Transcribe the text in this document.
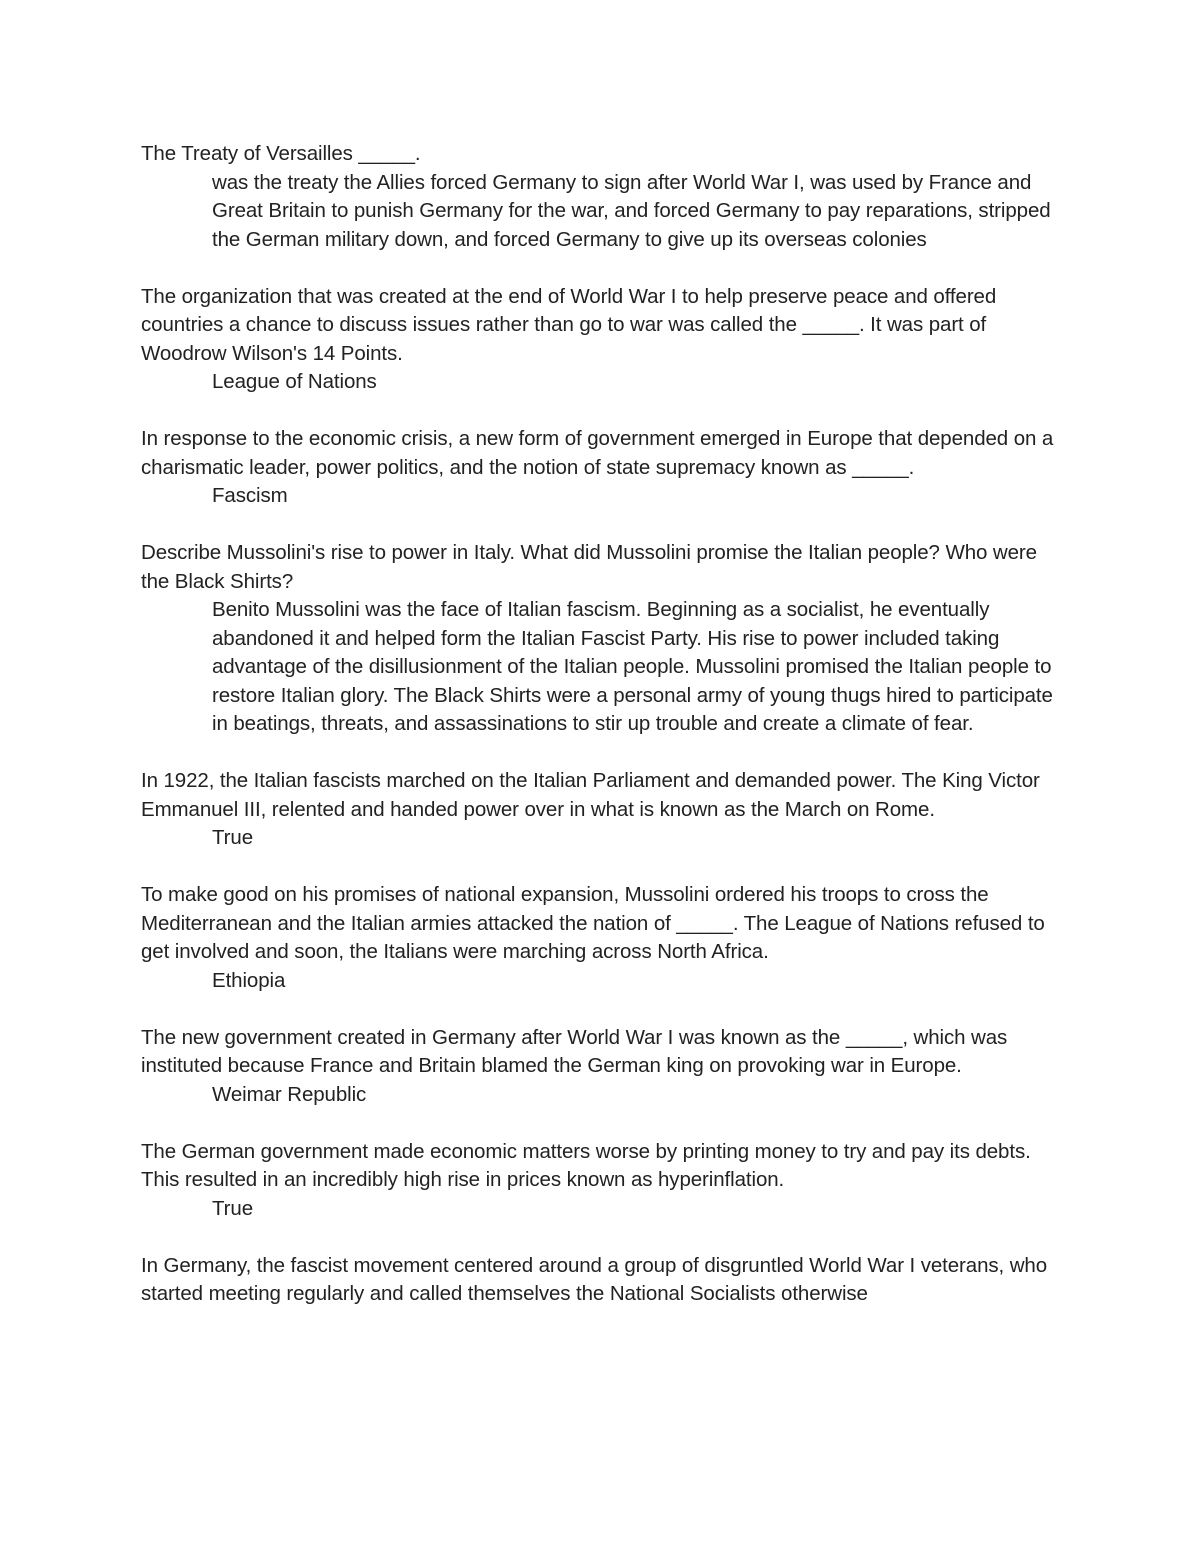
The Treaty of Versailles _____.

was the treaty the Allies forced Germany to sign after World War I, was used by France and Great Britain to punish Germany for the war, and forced Germany to pay reparations, stripped the German military down, and forced Germany to give up its overseas colonies

The organization that was created at the end of World War I to help preserve peace and offered countries a chance to discuss issues rather than go to war was called the _____. It was part of Woodrow Wilson's 14 Points.

League of Nations

In response to the economic crisis, a new form of government emerged in Europe that depended on a charismatic leader, power politics, and the notion of state supremacy known as _____.

Fascism

Describe Mussolini's rise to power in Italy. What did Mussolini promise the Italian people? Who were the Black Shirts?

Benito Mussolini was the face of Italian fascism. Beginning as a socialist, he eventually abandoned it and helped form the Italian Fascist Party. His rise to power included taking advantage of the disillusionment of the Italian people. Mussolini promised the Italian people to restore Italian glory. The Black Shirts were a personal army of young thugs hired to participate in beatings, threats, and assassinations to stir up trouble and create a climate of fear.

In 1922, the Italian fascists marched on the Italian Parliament and demanded power. The King Victor Emmanuel III, relented and handed power over in what is known as the March on Rome.

True

To make good on his promises of national expansion, Mussolini ordered his troops to cross the Mediterranean and the Italian armies attacked the nation of _____. The League of Nations refused to get involved and soon, the Italians were marching across North Africa.

Ethiopia

The new government created in Germany after World War I was known as the _____, which was instituted because France and Britain blamed the German king on provoking war in Europe.

Weimar Republic

The German government made economic matters worse by printing money to try and pay its debts. This resulted in an incredibly high rise in prices known as hyperinflation.

True

In Germany, the fascist movement centered around a group of disgruntled World War I veterans, who started meeting regularly and called themselves the National Socialists otherwise
